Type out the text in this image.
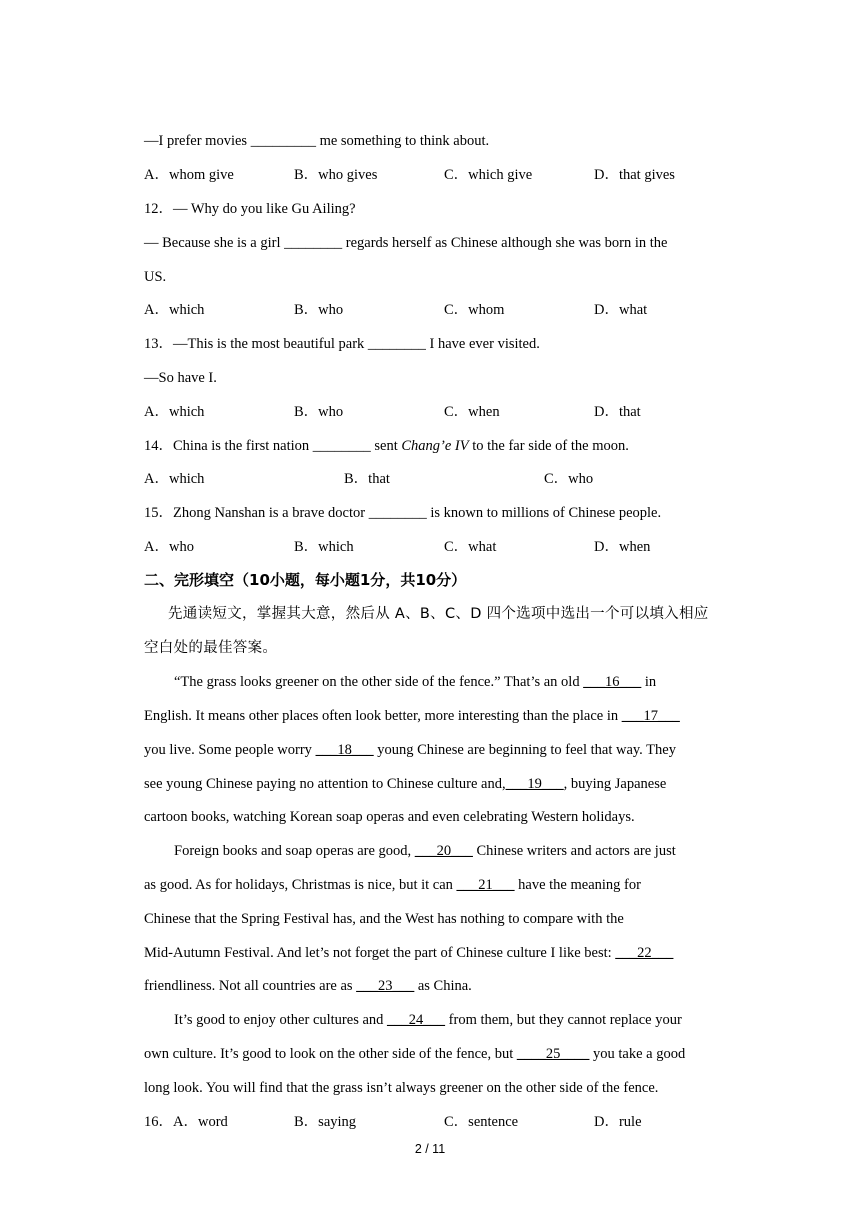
—I prefer movies _________ me something to think about.
A．whom give	B．who gives	C．which give	D．that gives
12．— Why do you like Gu Ailing?
— Because she is a girl ________ regards herself as Chinese although she was born in the
US.
A．which	B．who	C．whom	D．what
13．—This is the most beautiful park ________ I have ever visited.
—So have I.
A．which	B．who	C．when	D．that
14．China is the first nation ________ sent Chang’e IV to the far side of the moon.
A．which	B．that	C．who
15．Zhong Nanshan is a brave doctor ________ is known to millions of Chinese people.
A．who	B．which	C．what	D．when
二、完形填空（10小题，每小题1分，共10分）
先通读短文，掌握其大意，然后从 A、B、C、D 四个选项中选出一个可以填入相应
空白处的最佳答案。
“The grass looks greener on the other side of the fence.” That’s an old ___16___ in
English. It means other places often look better, more interesting than the place in ___17___
you live. Some people worry ___18___ young Chinese are beginning to feel that way. They
see young Chinese paying no attention to Chinese culture and,___19___, buying Japanese
cartoon books, watching Korean soap operas and even celebrating Western holidays.
Foreign books and soap operas are good, ___20___ Chinese writers and actors are just
as good. As for holidays, Christmas is nice, but it can ___21___ have the meaning for
Chinese that the Spring Festival has, and the West has nothing to compare with the
Mid-Autumn Festival. And let’s not forget the part of Chinese culture I like best: ___22___
friendliness. Not all countries are as ___23___ as China.
It’s good to enjoy other cultures and ___24___ from them, but they cannot replace your
own culture. It’s good to look on the other side of the fence, but ____25____ you take a good
long look. You will find that the grass isn’t always greener on the other side of the fence.
16．A．word	B．saying	C．sentence	D．rule
2 / 11
